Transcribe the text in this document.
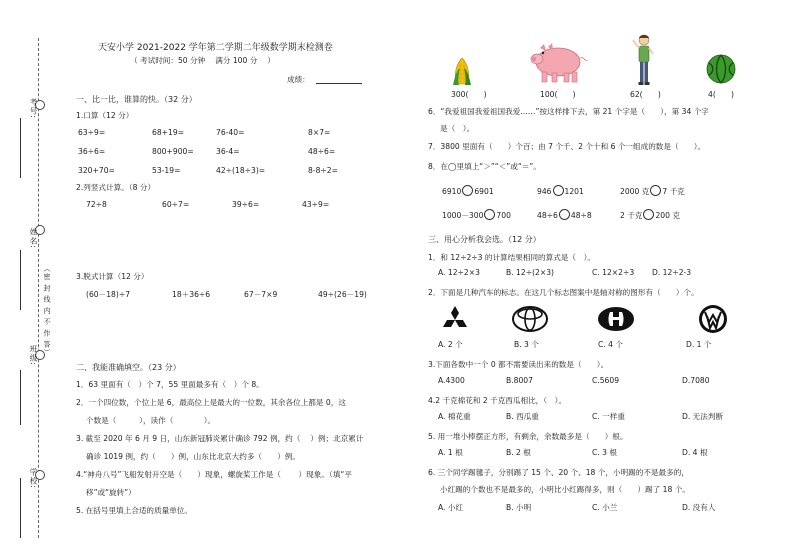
考号:
姓名:
（密 封 线 内 不 作 答）
班级:
学校:
天安小学 2021-2022 学年第二学期二年级数学期末检测卷
（ 考试时间：50 分钟　 满分 100 分　 ）
成绩：
一、比一比，谁算的快。（32 分）
1.口算（12 分）
63÷9=	68+19=	76-40=	8×7=
36÷6=	800+900=	36-4=	48÷6=
320+70=	53-19=	42÷(18÷3)=	8-8÷2=
2.列竖式计算。（8 分）
72÷8	60÷7=	39÷6=	43÷9=
3.脱式计算（12 分）
(60－18)÷7	18＋36÷6	67－7×9	49÷(26－19)
二、我能准确填空。（23 分）
1．63 里面有（　）个 7，55 里面最多有（　）个 8。
2．一个四位数，个位上是 6，最高位上是最大的一位数，其余各位上都是 0，这
个数是（　　　），读作（　　　　）。
3. 截至 2020 年 6 月 9 日，山东新冠肺炎累计确诊 792 例，约（　 ）例；北京累计
确诊 1019 例，约（　　）例，山东比北京大约多（　　）例。
4.“神舟八号”飞船发射升空是（　　）现象，螺旋桨工作是（　　 ）现象。（填“平
移”或“旋转”）
5. 在括号里填上合适的质量单位。
300(　　)	100(　　)	62(　　)	4(　　)
6．“我爱祖国我爱祖国我爱……”按这样排下去，第 21 个字是（　　），第 34 个字
是（　）。
7．3800 里面有（　　）个百；由 7 个千、2 个十和 6 个一组成的数是（　　）。
8．在◯里填上“＞”“＜”或“＝”。
6910 6901	946 1201	2000 克 7 千克
1000－300 700	48÷6 48÷8	2 千克 200 克
三、用心分析我会选。（12 分）
1．和 12÷2÷3 的计算结果相同的算式是（　）。
A. 12÷2×3	B. 12÷(2×3)	C. 12×2÷3 D. 12÷2-3
2．下面是几种汽车的标志。在这几个标志图案中是轴对称的图形有（　　）个。
A. 2 个	B. 3 个	C. 4 个	D. 1 个
3.下面各数中一个 0 都不需要读出来的数是（　　）。
A.4300	B.8007	C.5609	D.7080
4.2 千克棉花和 2 千克西瓜相比，（　）。
A. 棉花重	B. 西瓜重	C. 一样重	D. 无法判断
5. 用一堆小棒摆正方形，有剩余，余数最多是（　　）根。
A. 1 根	B. 2 根	C. 3 根	D. 4 根
6. 三个同学踢毽子，分别踢了 15 个、20 个、18 个，小明踢的不是最多的，
小红踢的个数也不是最多的，小明比小红踢得多，则（　　）踢了 18 个。
A. 小红	B. 小明	C. 小兰	D. 没有人
